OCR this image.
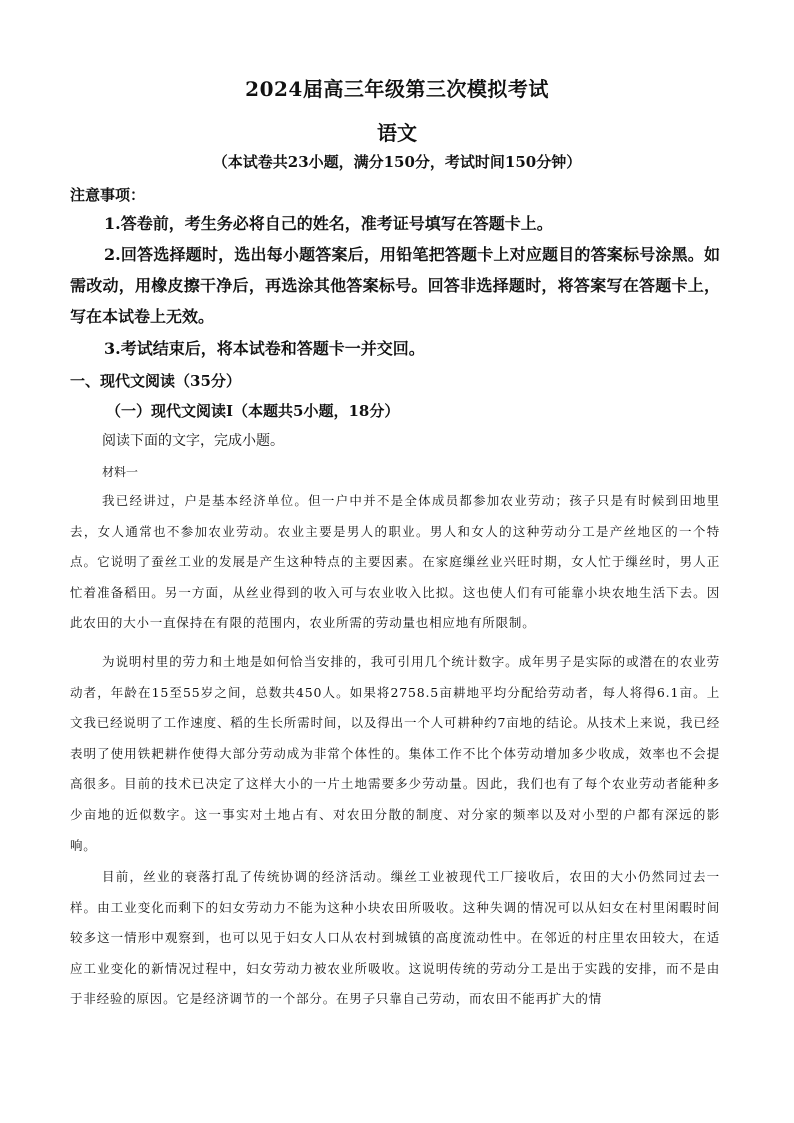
2024届高三年级第三次模拟考试
语文
（本试卷共23小题，满分150分，考试时间150分钟）
注意事项：

1.答卷前，考生务必将自己的姓名，准考证号填写在答题卡上。

2.回答选择题时，选出每小题答案后，用铅笔把答题卡上对应题目的答案标号涂黑。如需改动，用橡皮擦干净后，再选涂其他答案标号。回答非选择题时，将答案写在答题卡上，写在本试卷上无效。

3.考试结束后，将本试卷和答题卡一并交回。

一、现代文阅读（35分）
（一）现代文阅读Ⅰ（本题共5小题，18分）
阅读下面的文字，完成小题。
材料一

我已经讲过，户是基本经济单位。但一户中并不是全体成员都参加农业劳动；孩子只是有时候到田地里去，女人通常也不参加农业劳动。农业主要是男人的职业。男人和女人的这种劳动分工是产丝地区的一个特点。它说明了蚕丝工业的发展是产生这种特点的主要因素。在家庭缫丝业兴旺时期，女人忙于缫丝时，男人正忙着准备稻田。另一方面，从丝业得到的收入可与农业收入比拟。这也使人们有可能靠小块农地生活下去。因此农田的大小一直保持在有限的范围内，农业所需的劳动量也相应地有所限制。

为说明村里的劳力和土地是如何恰当安排的，我可引用几个统计数字。成年男子是实际的或潜在的农业劳动者，年龄在15至55岁之间，总数共450人。如果将2758.5亩耕地平均分配给劳动者，每人将得6.1亩。上文我已经说明了工作速度、稻的生长所需时间，以及得出一个人可耕种约7亩地的结论。从技术上来说，我已经表明了使用铁耙耕作使得大部分劳动成为非常个体性的。集体工作不比个体劳动增加多少收成，效率也不会提高很多。目前的技术已决定了这样大小的一片土地需要多少劳动量。因此，我们也有了每个农业劳动者能种多少亩地的近似数字。这一事实对土地占有、对农田分散的制度、对分家的频率以及对小型的户都有深远的影响。

目前，丝业的衰落打乱了传统协调的经济活动。缫丝工业被现代工厂接收后，农田的大小仍然同过去一样。由工业变化而剩下的妇女劳动力不能为这种小块农田所吸收。这种失调的情况可以从妇女在村里闲暇时间较多这一情形中观察到，也可以见于妇女人口从农村到城镇的高度流动性中。在邻近的村庄里农田较大，在适应工业变化的新情况过程中，妇女劳动力被农业所吸收。这说明传统的劳动分工是出于实践的安排，而不是由于非经验的原因。它是经济调节的一个部分。在男子只靠自己劳动，而农田不能再扩大的情
